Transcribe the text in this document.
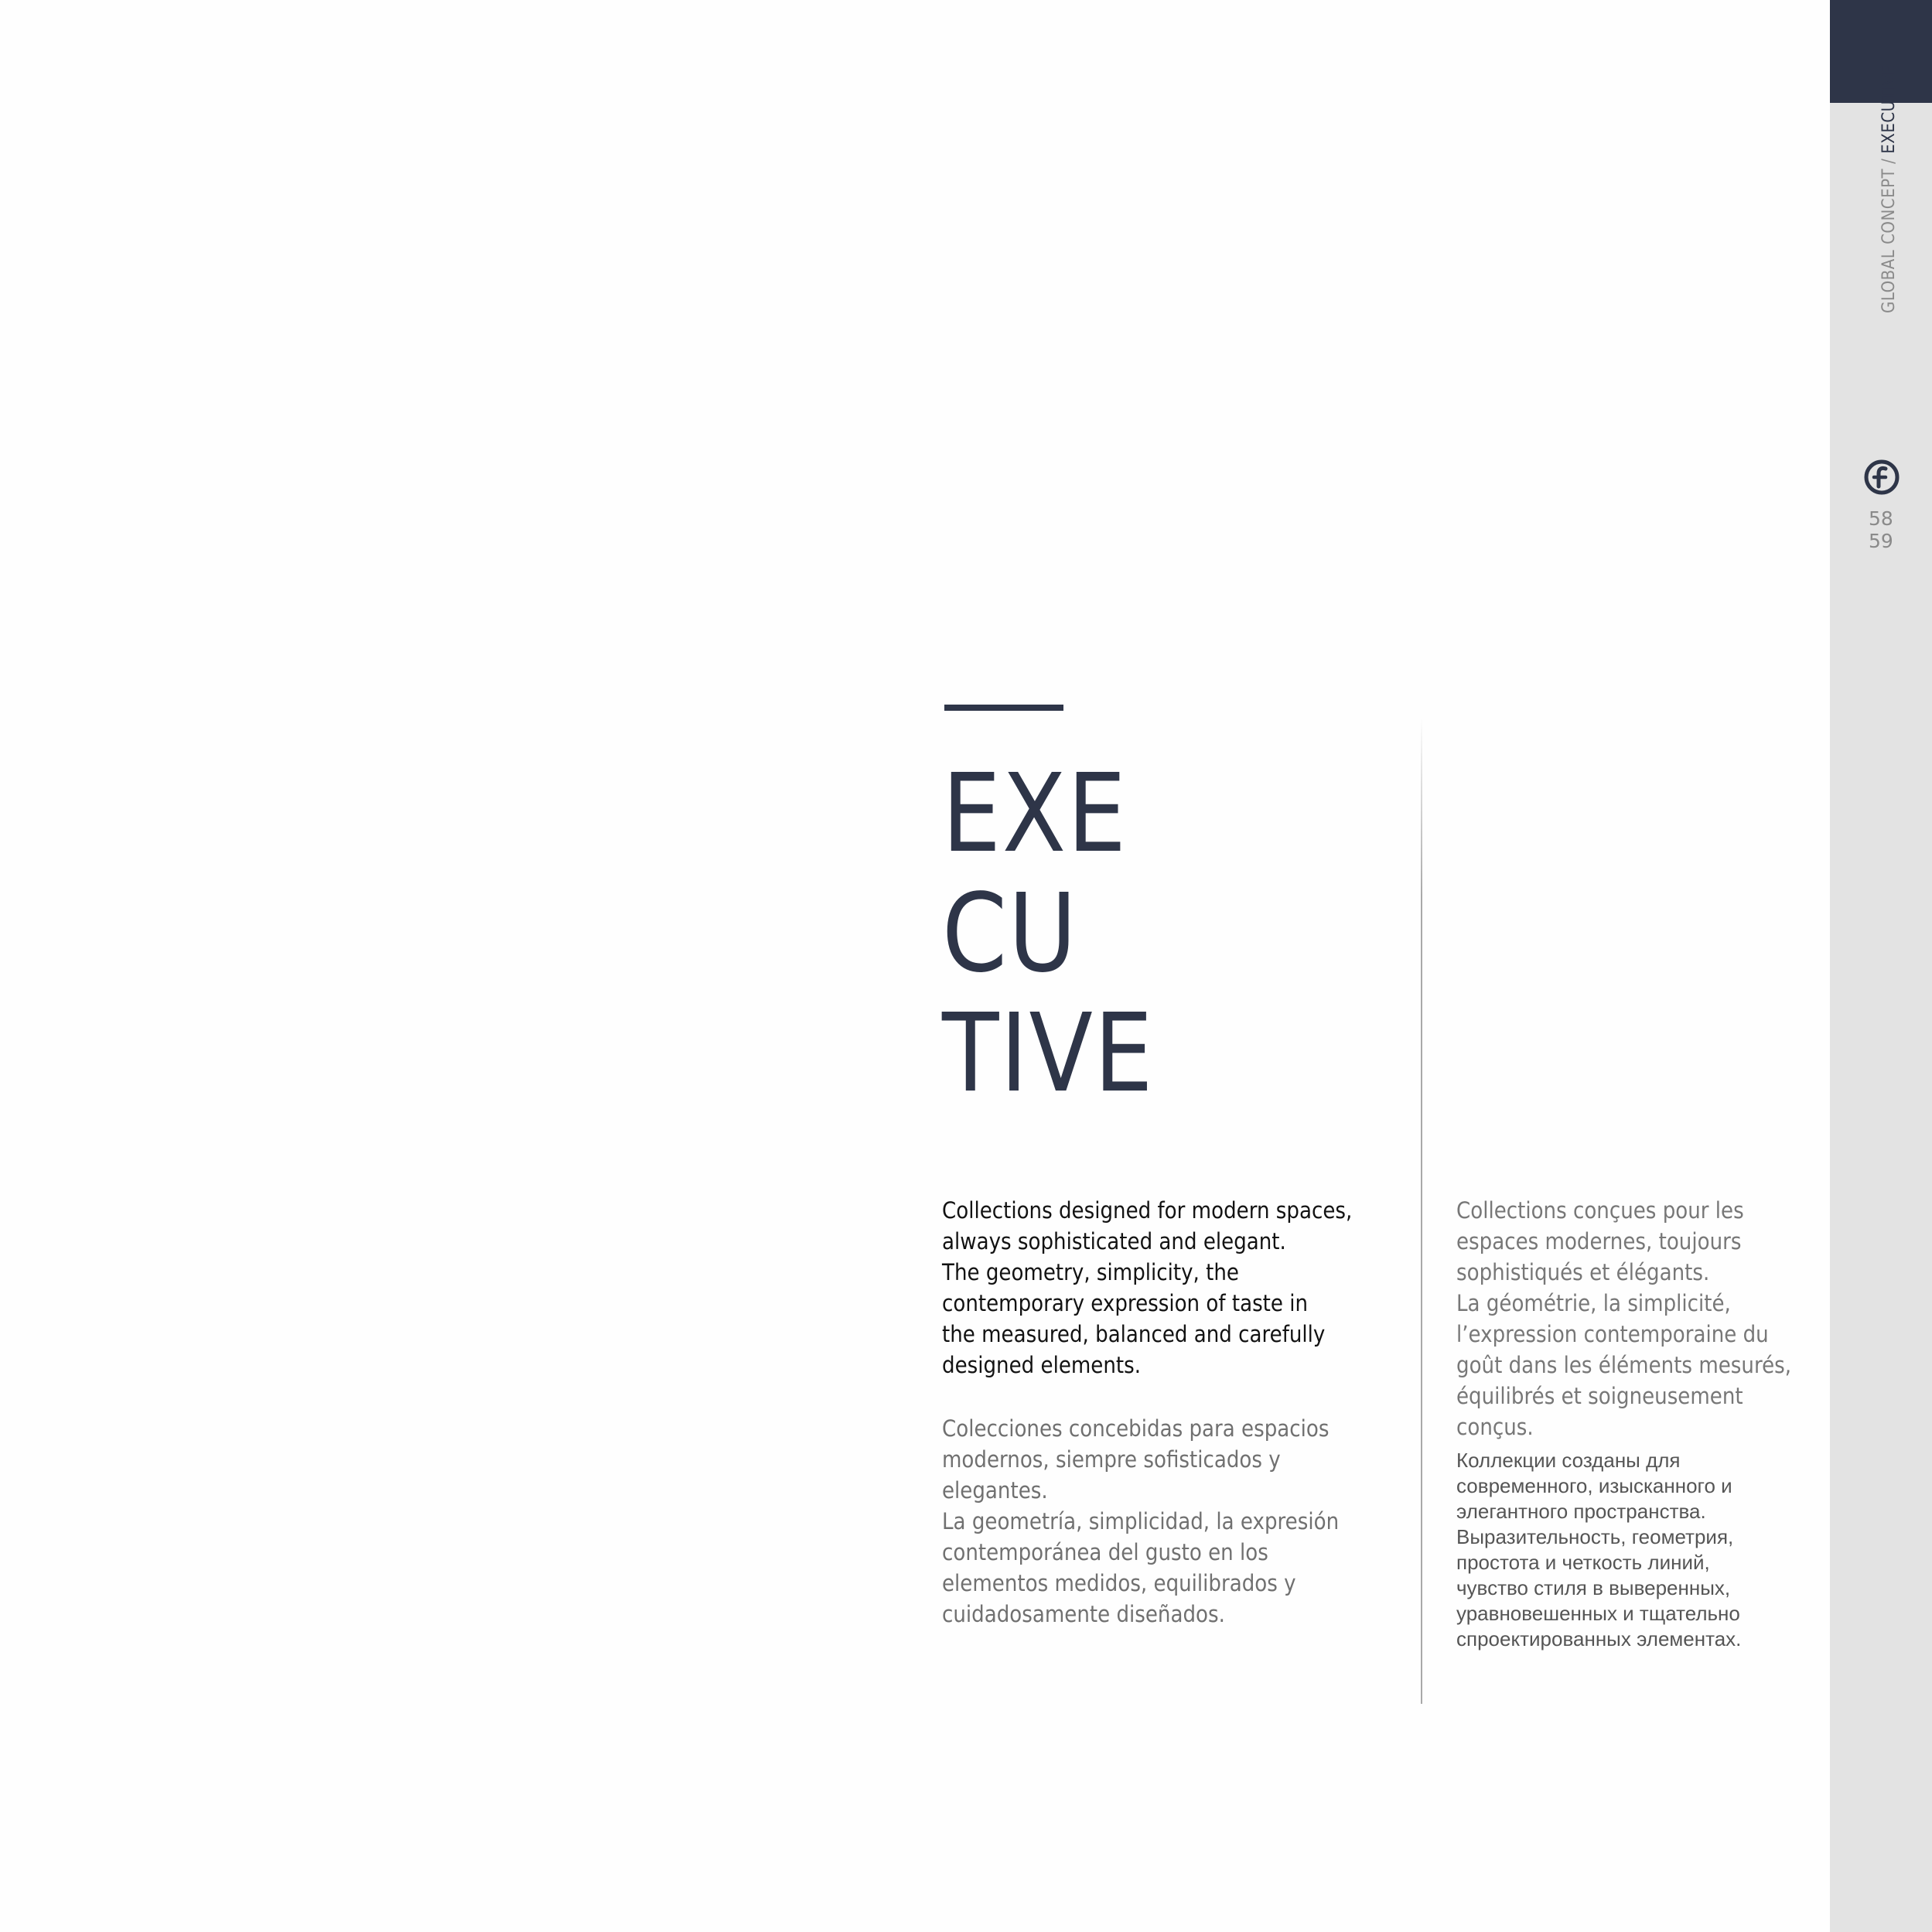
GLOBAL CONCEPT/EXECUTIVE
58
59
EXE
CU
TIVE
Collections designed for modern spaces,
always sophisticated and elegant.
The geometry, simplicity, the
contemporary expression of taste in
the measured, balanced and carefully
designed elements.
Colecciones concebidas para espacios
modernos, siempre sofisticados y
elegantes.
La geometría, simplicidad, la expresión
contemporánea del gusto en los
elementos medidos, equilibrados y
cuidadosamente diseñados.
Collections conçues pour les
espaces modernes, toujours
sophistiqués et élégants.
La géométrie, la simplicité,
l’expression contemporaine du
goût dans les éléments mesurés,
équilibrés et soigneusement conçus.
Коллекции созданы для
современного, изысканного и
элегантного пространства.
Выразительность, геометрия,
простота и четкость линий,
чувство стиля в выверенных,
уравновешенных и тщательно
спроектированных элементах.
